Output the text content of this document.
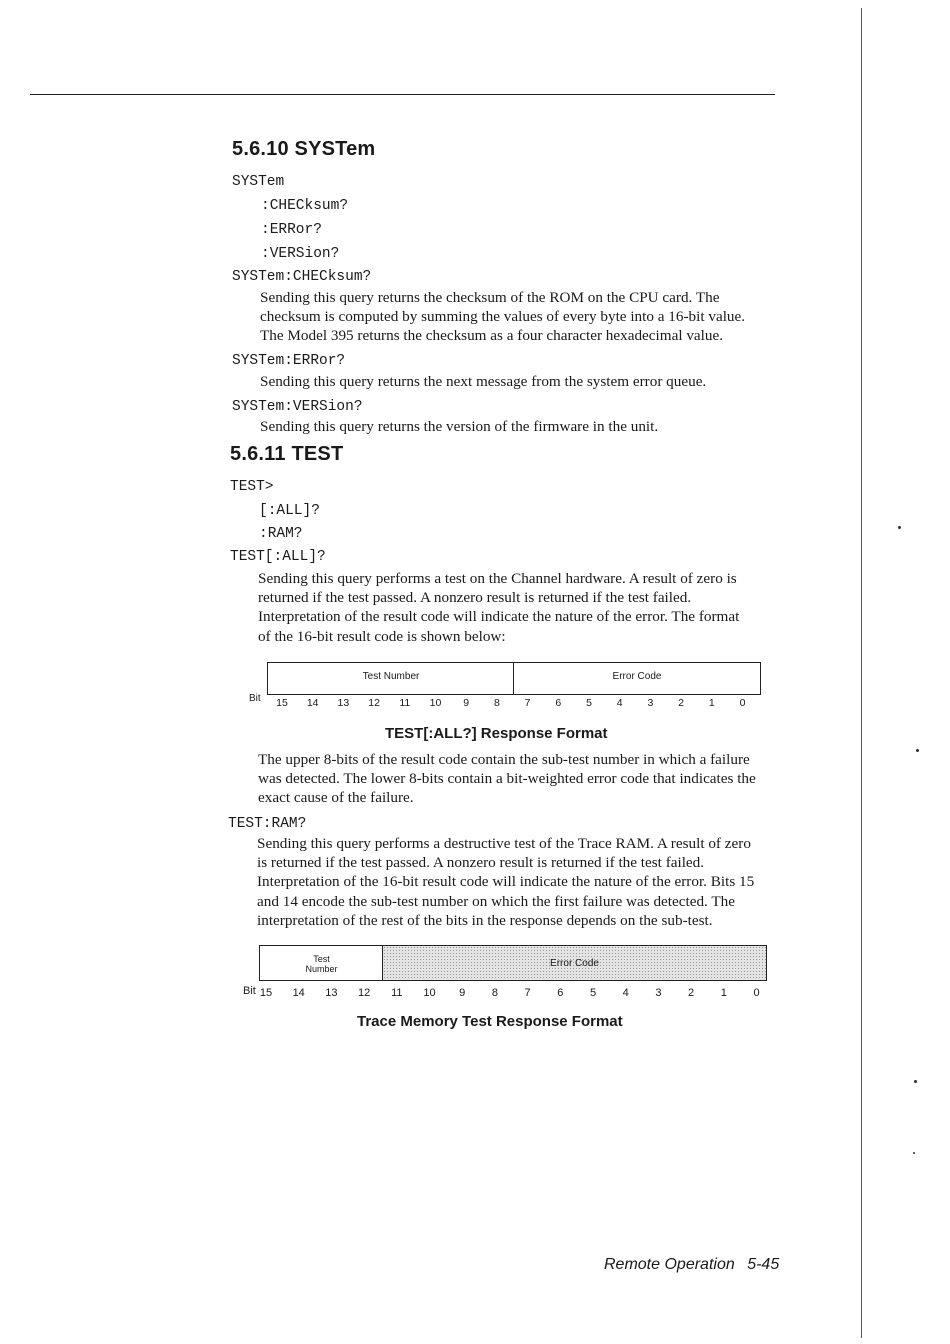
5.6.10 SYSTem
SYSTem
:CHECksum?
:ERRor?
:VERSion?
SYSTem:CHECksum?
Sending this query returns the checksum of the ROM on the CPU card. The
checksum is computed by summing the values of every byte into a 16-bit value.
The Model 395 returns the checksum as a four character hexadecimal value.
SYSTem:ERRor?
Sending this query returns the next message from the system error queue.
SYSTem:VERSion?
Sending this query returns the version of the firmware in the unit.
5.6.11 TEST
TEST>
[:ALL]?
:RAM?
TEST[:ALL]?
Sending this query performs a test on the Channel hardware. A result of zero is
returned if the test passed. A nonzero result is returned if the test failed.
Interpretation of the result code will indicate the nature of the error. The format
of the 16-bit result code is shown below:
Test Number	Error Code
Bit	15	14	13	12	11	10	9	8	7	6	5	4	3	2	1	0
TEST[:ALL?] Response Format
The upper 8-bits of the result code contain the sub-test number in which a failure
was detected. The lower 8-bits contain a bit-weighted error code that indicates the
exact cause of the failure.
TEST:RAM?
Sending this query performs a destructive test of the Trace RAM. A result of zero
is returned if the test passed. A nonzero result is returned if the test failed.
Interpretation of the 16-bit result code will indicate the nature of the error. Bits 15
and 14 encode the sub-test number on which the first failure was detected. The
interpretation of the rest of the bits in the response depends on the sub-test.
Test
Number	Error Code
Bit 15	14	13	12	11	10	9	8	7	6	5	4	3	2	1	0
Trace Memory Test Response Format
Remote Operation 5-45
